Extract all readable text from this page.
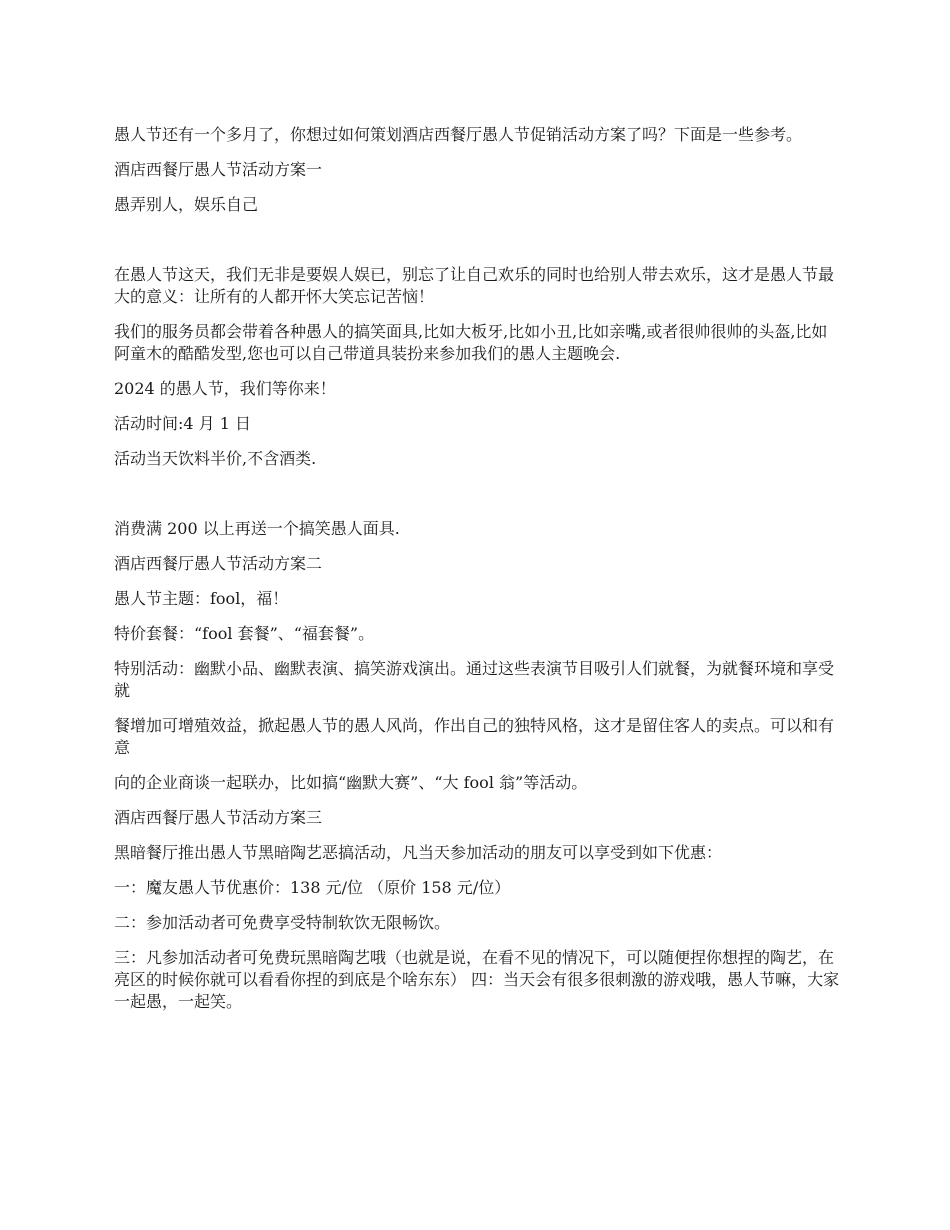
愚人节还有一个多月了，你想过如何策划酒店西餐厅愚人节促销活动方案了吗？下面是一些参考。

酒店西餐厅愚人节活动方案一

愚弄别人，娱乐自己

在愚人节这天，我们无非是要娱人娱已，别忘了让自己欢乐的同时也给别人带去欢乐，这才是愚人节最大的意义：让所有的人都开怀大笑忘记苦恼！

我们的服务员都会带着各种愚人的搞笑面具,比如大板牙,比如小丑,比如亲嘴,或者很帅很帅的头盔,比如阿童木的酷酷发型,您也可以自己带道具装扮来参加我们的愚人主题晚会.

2024 的愚人节，我们等你来！

活动时间:4 月 1 日

活动当天饮料半价,不含酒类.

消费满 200 以上再送一个搞笑愚人面具.

酒店西餐厅愚人节活动方案二

愚人节主题：fool，福！

特价套餐：“fool 套餐”、“福套餐”。

特别活动：幽默小品、幽默表演、搞笑游戏演出。通过这些表演节目吸引人们就餐，为就餐环境和享受就

餐增加可增殖效益，掀起愚人节的愚人风尚，作出自己的独特风格，这才是留住客人的卖点。可以和有意

向的企业商谈一起联办，比如搞“幽默大赛”、“大 fool 翁”等活动。

酒店西餐厅愚人节活动方案三

黑暗餐厅推出愚人节黑暗陶艺恶搞活动，凡当天参加活动的朋友可以享受到如下优惠：

一：魔友愚人节优惠价：138 元/位 （原价 158 元/位）

二：参加活动者可免费享受特制软饮无限畅饮。

三：凡参加活动者可免费玩黑暗陶艺哦（也就是说，在看不见的情况下，可以随便捏你想捏的陶艺，在亮区的时候你就可以看看你捏的到底是个啥东东） 四：当天会有很多很刺激的游戏哦，愚人节嘛，大家一起愚，一起笑。
